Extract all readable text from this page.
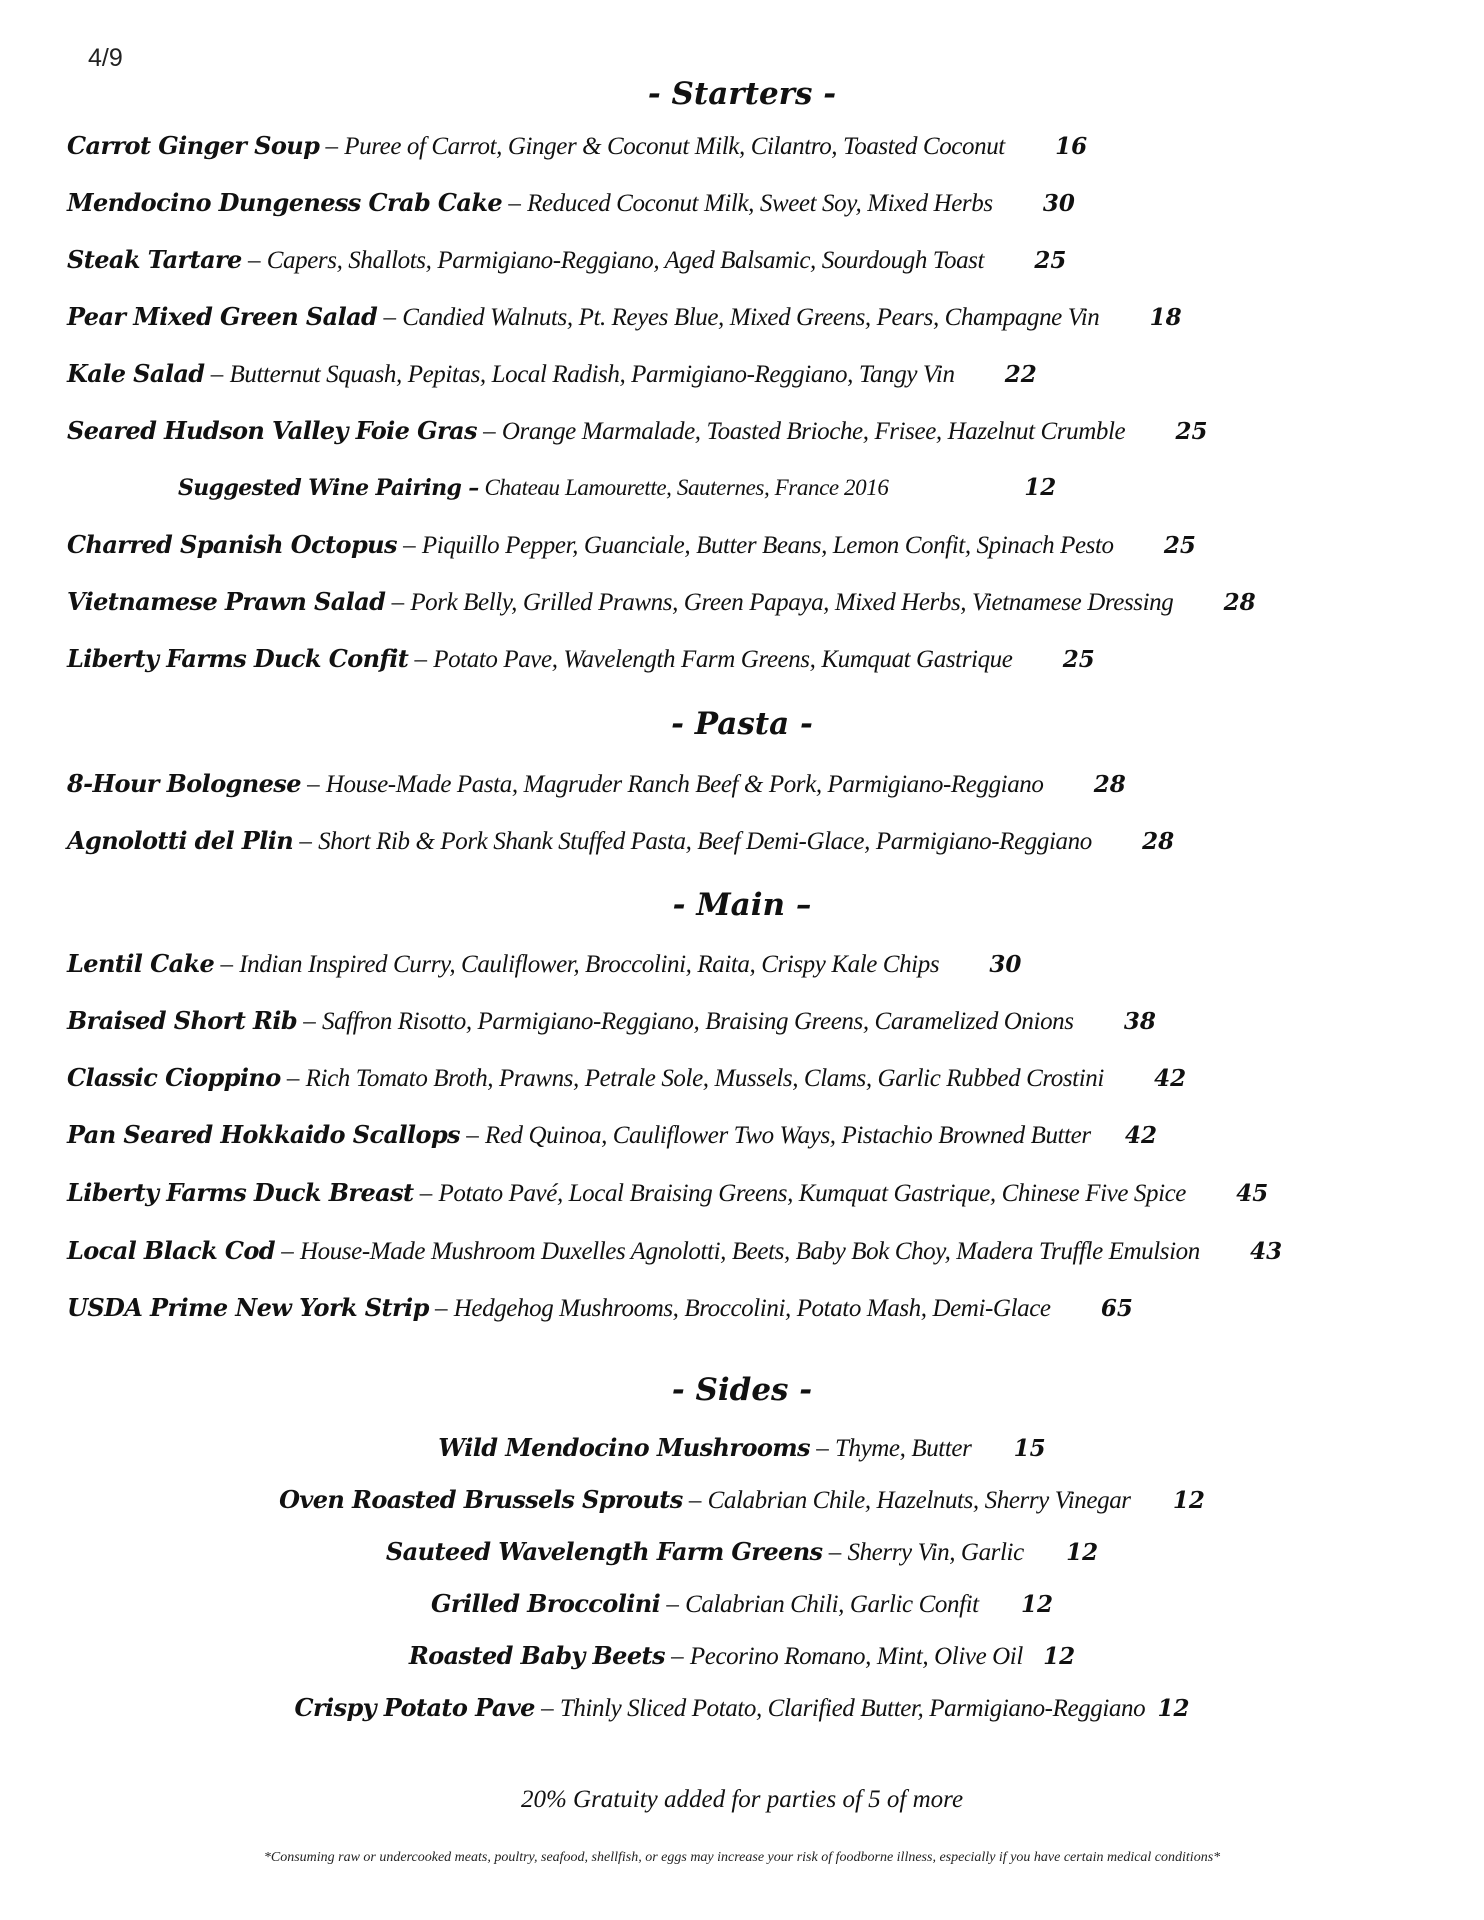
4/9
- Starters -
Carrot Ginger Soup – Puree of Carrot, Ginger & Coconut Milk, Cilantro, Toasted Coconut 16
Mendocino Dungeness Crab Cake – Reduced Coconut Milk, Sweet Soy, Mixed Herbs 30
Steak Tartare – Capers, Shallots, Parmigiano-Reggiano, Aged Balsamic, Sourdough Toast 25
Pear Mixed Green Salad – Candied Walnuts, Pt. Reyes Blue, Mixed Greens, Pears, Champagne Vin 18
Kale Salad – Butternut Squash, Pepitas, Local Radish, Parmigiano-Reggiano, Tangy Vin 22
Seared Hudson Valley Foie Gras – Orange Marmalade, Toasted Brioche, Frisee, Hazelnut Crumble 25
Suggested Wine Pairing – Chateau Lamourette, Sauternes, France 2016	12
Charred Spanish Octopus – Piquillo Pepper, Guanciale, Butter Beans, Lemon Confit, Spinach Pesto 25
Vietnamese Prawn Salad – Pork Belly, Grilled Prawns, Green Papaya, Mixed Herbs, Vietnamese Dressing 28
Liberty Farms Duck Confit – Potato Pave, Wavelength Farm Greens, Kumquat Gastrique 25
- Pasta -
8-Hour Bolognese – House-Made Pasta, Magruder Ranch Beef & Pork, Parmigiano-Reggiano 28
Agnolotti del Plin – Short Rib & Pork Shank Stuffed Pasta, Beef Demi-Glace, Parmigiano-Reggiano 28
- Main –
Lentil Cake – Indian Inspired Curry, Cauliflower, Broccolini, Raita, Crispy Kale Chips 30
Braised Short Rib – Saffron Risotto, Parmigiano-Reggiano, Braising Greens, Caramelized Onions 38
Classic Cioppino – Rich Tomato Broth, Prawns, Petrale Sole, Mussels, Clams, Garlic Rubbed Crostini 42
Pan Seared Hokkaido Scallops – Red Quinoa, Cauliflower Two Ways, Pistachio Browned Butter 42
Liberty Farms Duck Breast – Potato Pavé, Local Braising Greens, Kumquat Gastrique, Chinese Five Spice 45
Local Black Cod – House-Made Mushroom Duxelles Agnolotti, Beets, Baby Bok Choy, Madera Truffle Emulsion 43
USDA Prime New York Strip – Hedgehog Mushrooms, Broccolini, Potato Mash, Demi-Glace 65
- Sides -
Wild Mendocino Mushrooms – Thyme, Butter 15
Oven Roasted Brussels Sprouts – Calabrian Chile, Hazelnuts, Sherry Vinegar 12
Sauteed Wavelength Farm Greens – Sherry Vin, Garlic 12
Grilled Broccolini – Calabrian Chili, Garlic Confit 12
Roasted Baby Beets – Pecorino Romano, Mint, Olive Oil 12
Crispy Potato Pave – Thinly Sliced Potato, Clarified Butter, Parmigiano-Reggiano 12
20% Gratuity added for parties of 5 of more
*Consuming raw or undercooked meats, poultry, seafood, shellfish, or eggs may increase your risk of foodborne illness, especially if you have certain medical conditions*
